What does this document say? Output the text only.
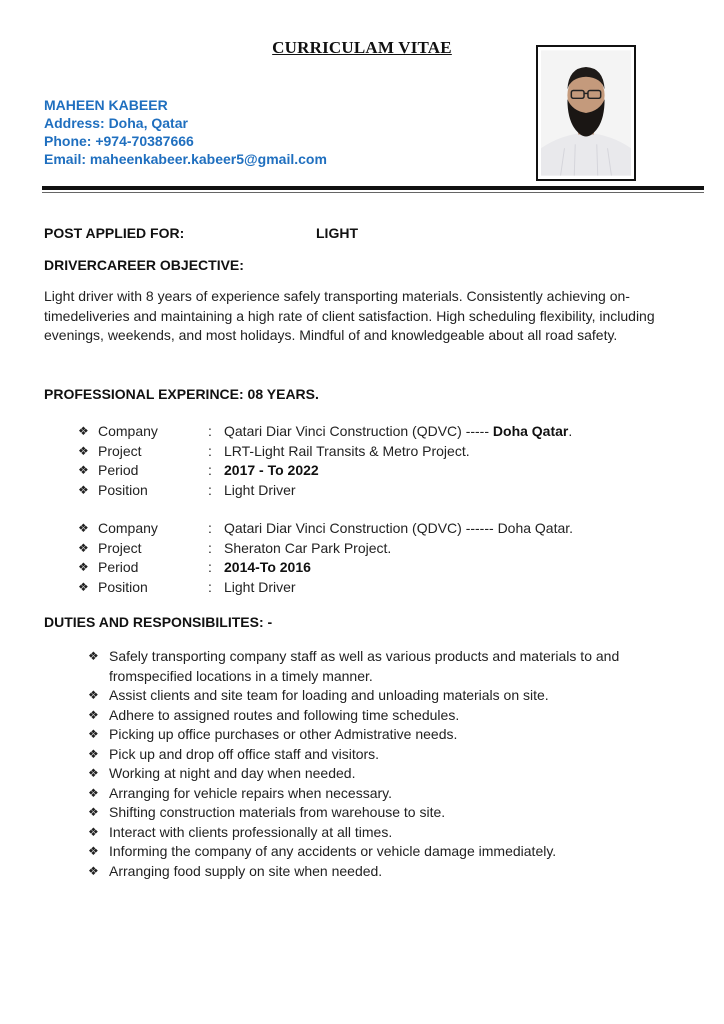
CURRICULAM VITAE
MAHEEN KABEER
Address: Doha, Qatar
Phone: +974-70387666
Email: maheenkabeer.kabeer5@gmail.com
POST APPLIED FOR:	LIGHT
DRIVERCAREER OBJECTIVE:
Light driver with 8 years of experience safely transporting materials. Consistently achieving on-timedeliveries and maintaining a high rate of client satisfaction. High scheduling flexibility, including evenings, weekends, and most holidays. Mindful of and knowledgeable about all road safety.
PROFESSIONAL EXPERINCE: 08 YEARS.
❖ Company	: Qatari Diar Vinci Construction (QDVC) ----- Doha Qatar.
❖ Project	: LRT-Light Rail Transits & Metro Project.
❖ Period	: 2017 - To 2022
❖ Position	: Light Driver
❖ Company	: Qatari Diar Vinci Construction (QDVC) ------ Doha Qatar.
❖ Project	: Sheraton Car Park Project.
❖ Period	: 2014-To 2016
❖ Position	: Light Driver
DUTIES AND RESPONSIBILITES: -
❖ Safely transporting company staff as well as various products and materials to and fromspecified locations in a timely manner.
❖ Assist clients and site team for loading and unloading materials on site.
❖ Adhere to assigned routes and following time schedules.
❖ Picking up office purchases or other Admistrative needs.
❖ Pick up and drop off office staff and visitors.
❖ Working at night and day when needed.
❖ Arranging for vehicle repairs when necessary.
❖ Shifting construction materials from warehouse to site.
❖ Interact with clients professionally at all times.
❖ Informing the company of any accidents or vehicle damage immediately.
❖ Arranging food supply on site when needed.
